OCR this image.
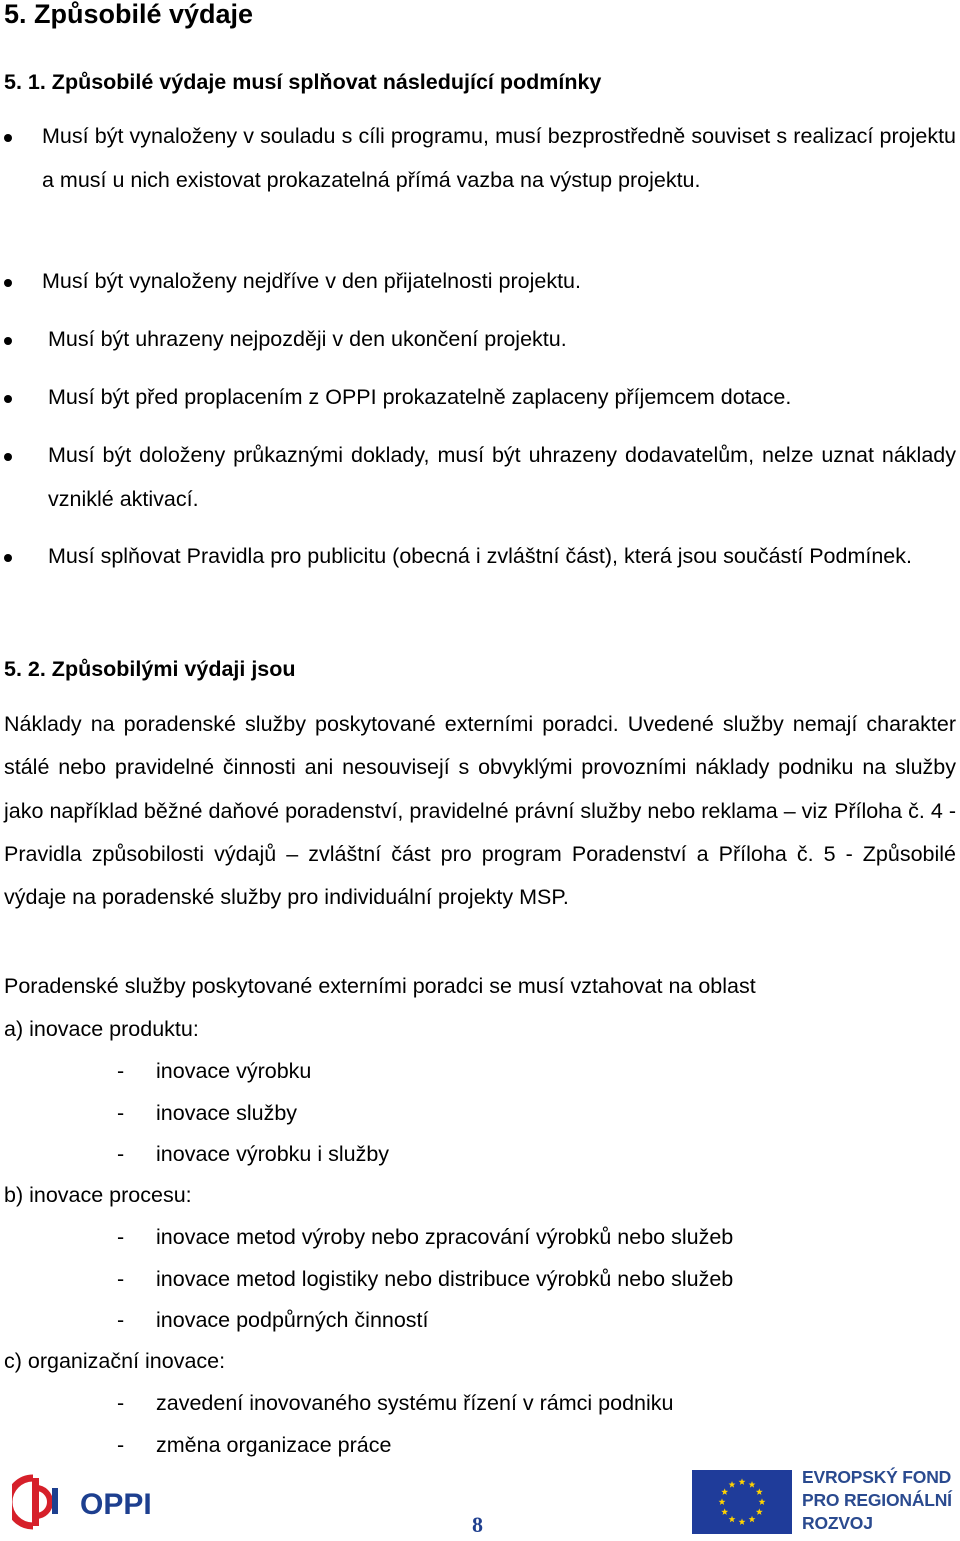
5. Způsobilé výdaje
5. 1. Způsobilé výdaje musí splňovat následující podmínky
Musí být vynaloženy v souladu s cíli programu, musí bezprostředně souviset s realizací projektu a musí u nich existovat prokazatelná přímá vazba na výstup projektu.
Musí být vynaloženy nejdříve v den přijatelnosti projektu.
Musí být uhrazeny nejpozději v den ukončení projektu.
Musí být před proplacením z OPPI prokazatelně zaplaceny příjemcem dotace.
Musí být doloženy průkaznými doklady, musí být uhrazeny dodavatelům, nelze uznat náklady vzniklé aktivací.
Musí splňovat Pravidla pro publicitu (obecná i zvláštní část), která jsou součástí Podmínek.
5. 2. Způsobilými výdaji jsou
Náklady na poradenské služby poskytované externími poradci. Uvedené služby nemají charakter stálé nebo pravidelné činnosti ani nesouvisejí s obvyklými provozními náklady podniku na služby jako například běžné daňové poradenství, pravidelné právní služby nebo reklama – viz Příloha č. 4 - Pravidla způsobilosti výdajů – zvláštní část pro program Poradenství a Příloha č. 5 - Způsobilé výdaje na poradenské služby pro individuální projekty MSP.
Poradenské služby poskytované externími poradci se musí vztahovat na oblast
a) inovace produktu:
- inovace výrobku
- inovace služby
- inovace výrobku i služby
b) inovace procesu:
- inovace metod výroby nebo zpracování výrobků nebo služeb
- inovace metod logistiky nebo distribuce výrobků nebo služeb
- inovace podpůrných činností
c) organizační inovace:
- zavedení inovovaného systému řízení v rámci podniku
- změna organizace práce
OPPI
8
EVROPSKÝ FOND
PRO REGIONÁLNÍ
ROZVOJ
